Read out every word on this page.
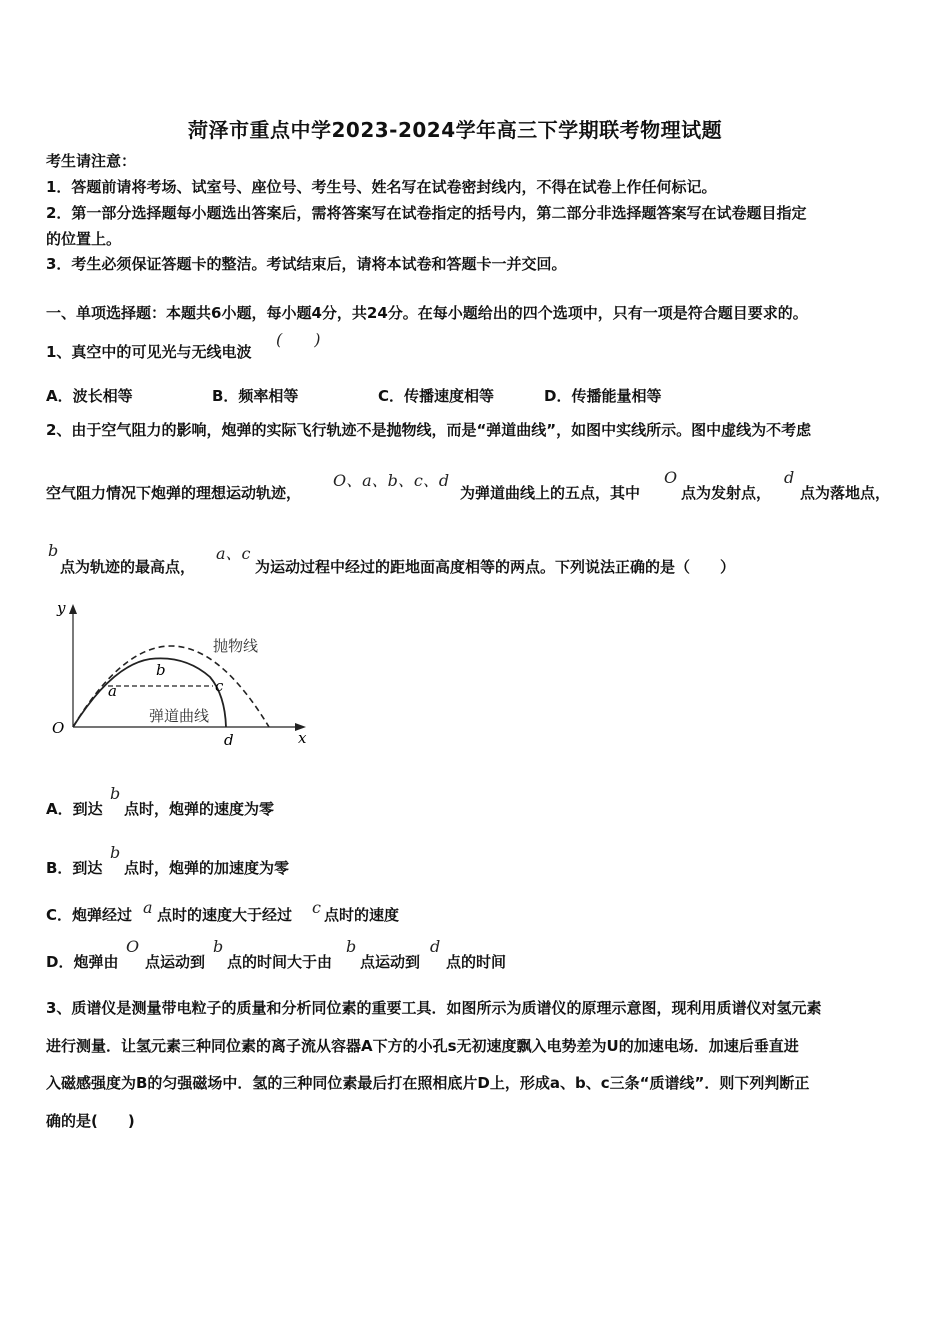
菏泽市重点中学2023-2024学年高三下学期联考物理试题
考生请注意：
1．答题前请将考场、试室号、座位号、考生号、姓名写在试卷密封线内，不得在试卷上作任何标记。
2．第一部分选择题每小题选出答案后，需将答案写在试卷指定的括号内，第二部分非选择题答案写在试卷题目指定
的位置上。
3．考生必须保证答题卡的整洁。考试结束后，请将本试卷和答题卡一并交回。
一、单项选择题：本题共6小题，每小题4分，共24分。在每小题给出的四个选项中，只有一项是符合题目要求的。
1、真空中的可见光与无线电波
(　　)
A．波长相等	B．频率相等	C．传播速度相等	D．传播能量相等
2、由于空气阻力的影响，炮弹的实际飞行轨迹不是抛物线，而是“弹道曲线”，如图中实线所示。图中虚线为不考虑
空气阻力情况下炮弹的理想运动轨迹，
O、a、b、c、d
为弹道曲线上的五点，其中
O
点为发射点，
d
点为落地点，
b
点为轨迹的最高点，
a、c
为运动过程中经过的距地面高度相等的两点。下列说法正确的是（　　）
y
x
O
抛物线
弹道曲线
a
b
c
d
A．到达
b
点时，炮弹的速度为零
B．到达
b
点时，炮弹的加速度为零
C．炮弹经过 a 点时的速度大于经过 c 点时的速度
D．炮弹由
O
点运动到
b
点的时间大于由
b
点运动到
d
点的时间
3、质谱仪是测量带电粒子的质量和分析同位素的重要工具．如图所示为质谱仪的原理示意图，现利用质谱仪对氢元素
进行测量．让氢元素三种同位素的离子流从容器A下方的小孔s无初速度飘入电势差为U的加速电场．加速后垂直进
入磁感强度为B的匀强磁场中．氢的三种同位素最后打在照相底片D上，形成a、b、c三条“质谱线”．则下列判断正
确的是(　　)
